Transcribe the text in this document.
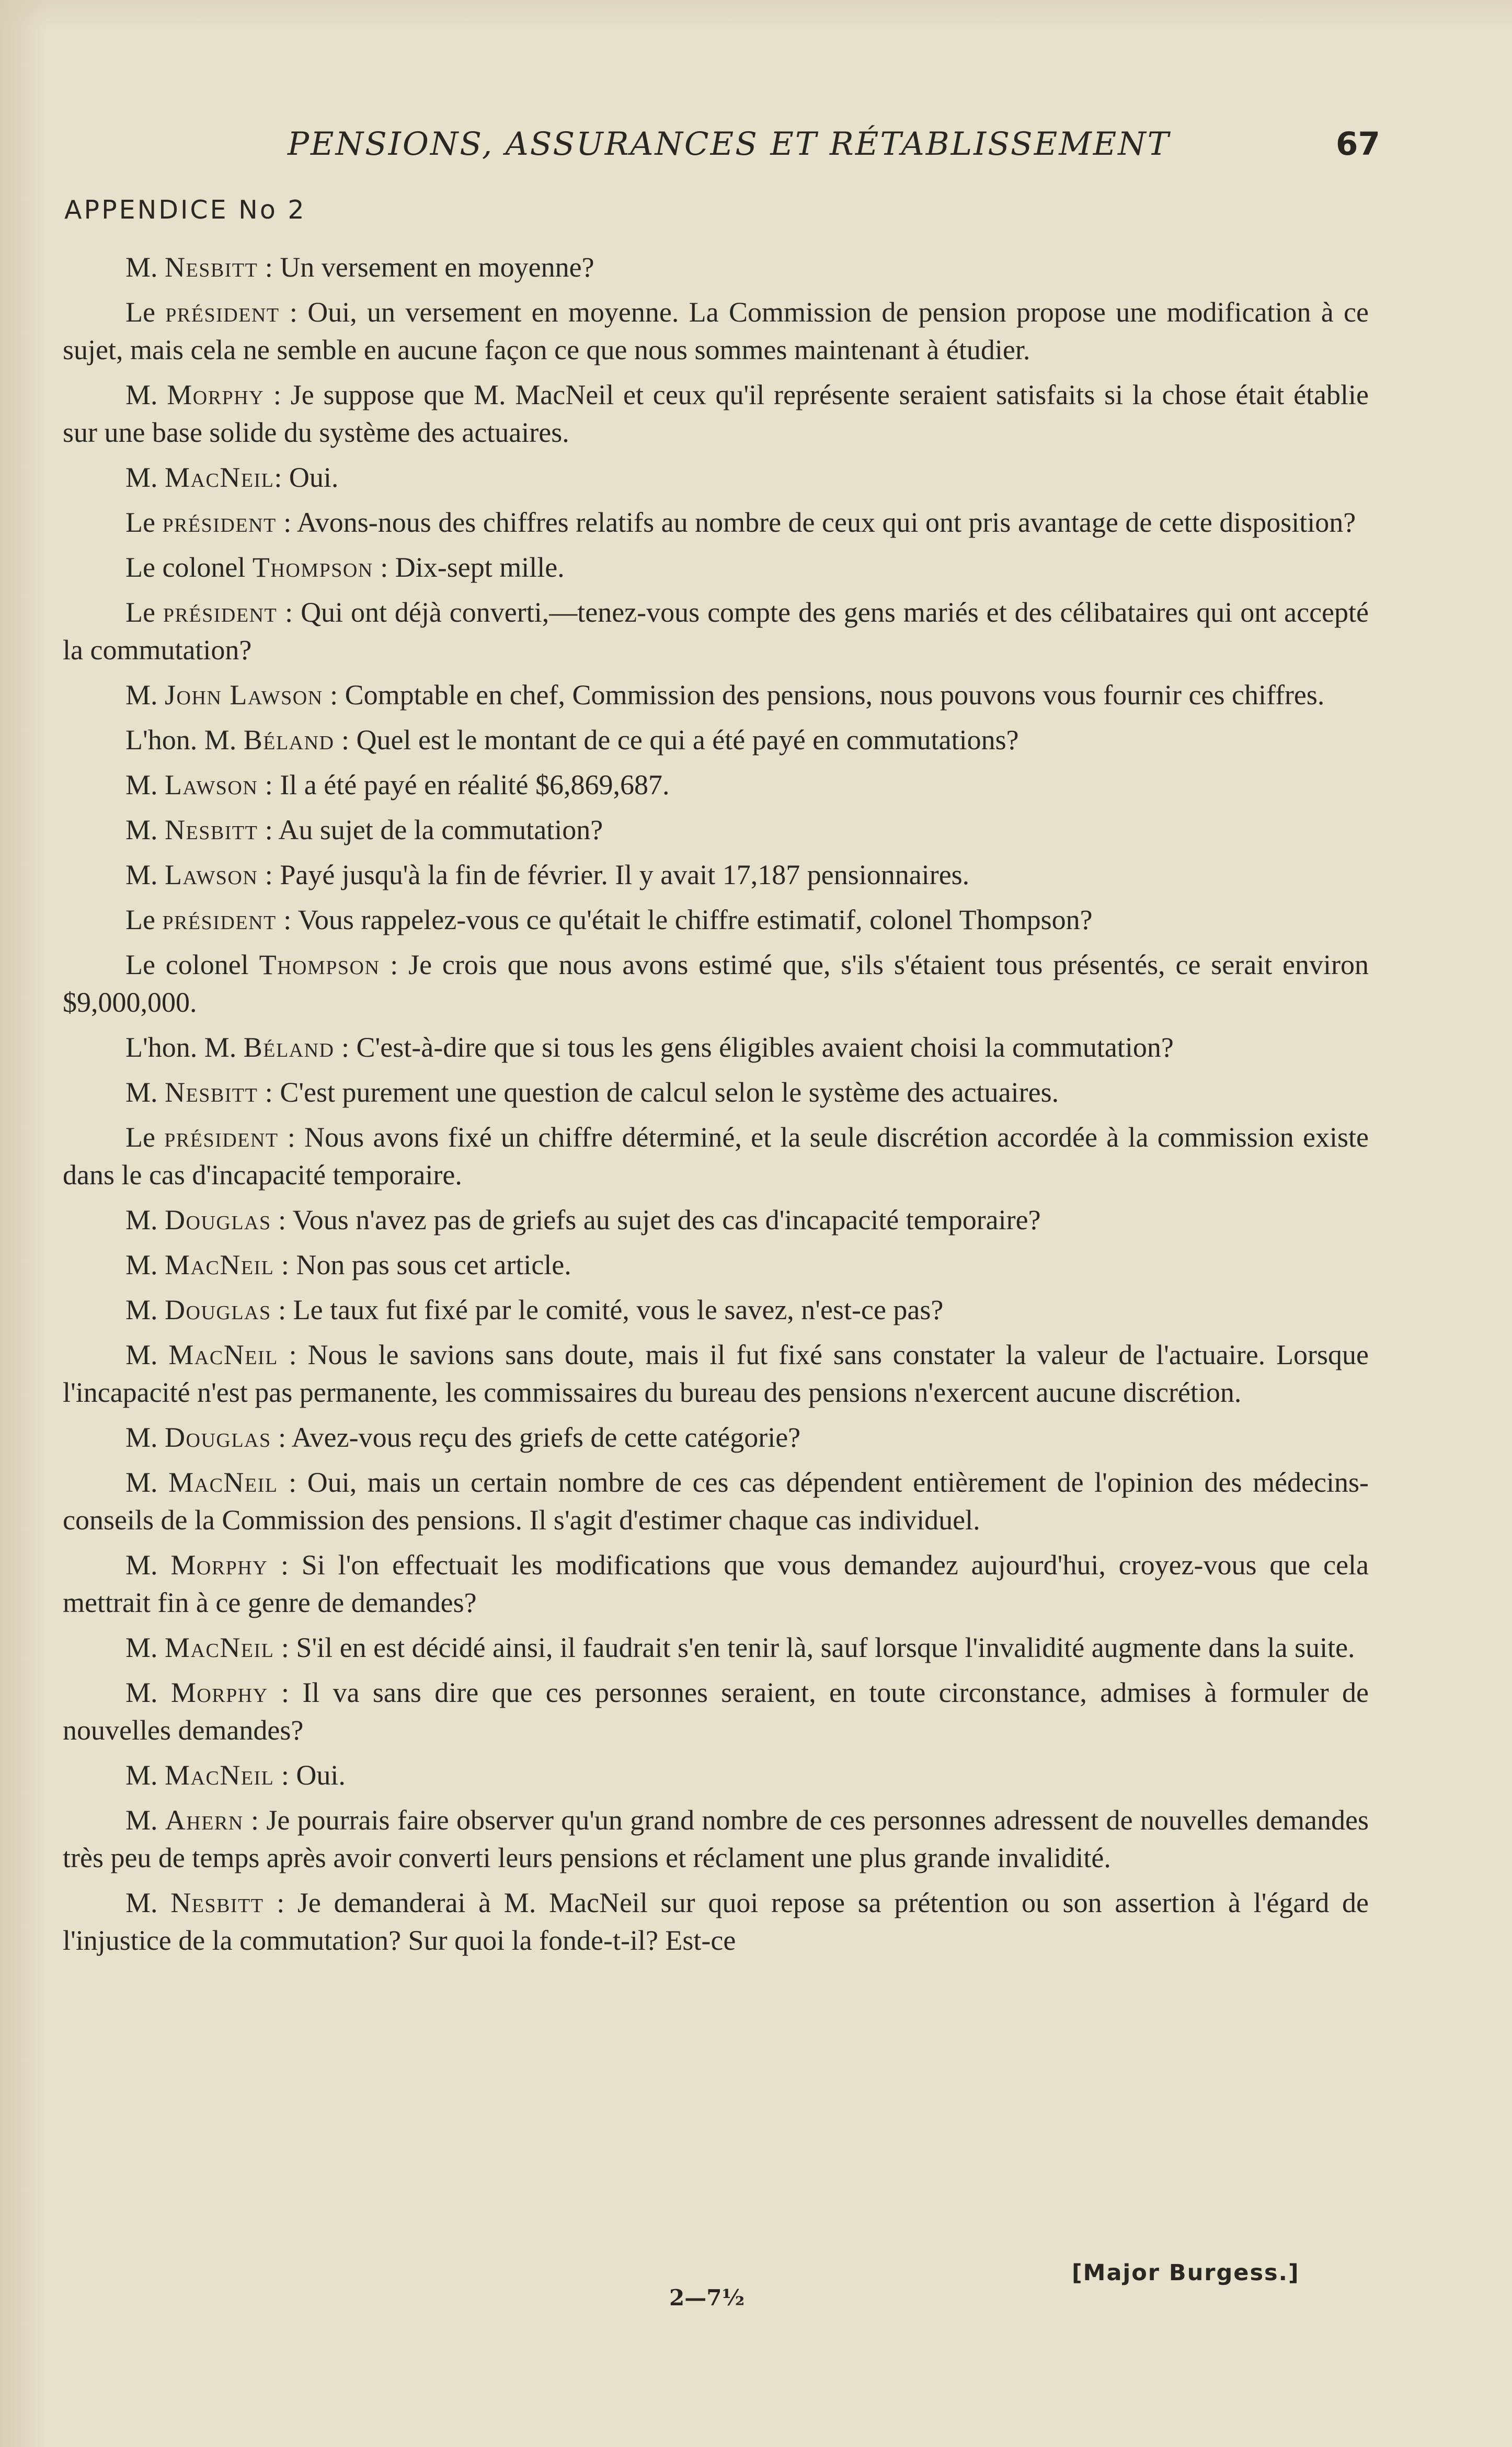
PENSIONS, ASSURANCES ET RÉTABLISSEMENT	67
APPENDICE No 2

M. Nesbitt : Un versement en moyenne?

Le président : Oui, un versement en moyenne. La Commission de pension propose une modification à ce sujet, mais cela ne semble en aucune façon ce que nous sommes maintenant à étudier.

M. Morphy : Je suppose que M. MacNeil et ceux qu'il représente seraient satisfaits si la chose était établie sur une base solide du système des actuaires.

M. MacNeil: Oui.

Le président : Avons-nous des chiffres relatifs au nombre de ceux qui ont pris avantage de cette disposition?

Le colonel Thompson : Dix-sept mille.

Le président : Qui ont déjà converti,—tenez-vous compte des gens mariés et des célibataires qui ont accepté la commutation?

M. John Lawson : Comptable en chef, Commission des pensions, nous pouvons vous fournir ces chiffres.

L'hon. M. Béland : Quel est le montant de ce qui a été payé en commutations?

M. Lawson : Il a été payé en réalité $6,869,687.

M. Nesbitt : Au sujet de la commutation?

M. Lawson : Payé jusqu'à la fin de février. Il y avait 17,187 pensionnaires.

Le président : Vous rappelez-vous ce qu'était le chiffre estimatif, colonel Thompson?

Le colonel Thompson : Je crois que nous avons estimé que, s'ils s'étaient tous présentés, ce serait environ $9,000,000.

L'hon. M. Béland : C'est-à-dire que si tous les gens éligibles avaient choisi la commutation?

M. Nesbitt : C'est purement une question de calcul selon le système des actuaires.

Le président : Nous avons fixé un chiffre déterminé, et la seule discrétion accordée à la commission existe dans le cas d'incapacité temporaire.

M. Douglas : Vous n'avez pas de griefs au sujet des cas d'incapacité temporaire?

M. MacNeil : Non pas sous cet article.

M. Douglas : Le taux fut fixé par le comité, vous le savez, n'est-ce pas?

M. MacNeil : Nous le savions sans doute, mais il fut fixé sans constater la valeur de l'actuaire. Lorsque l'incapacité n'est pas permanente, les commissaires du bureau des pensions n'exercent aucune discrétion.

M. Douglas : Avez-vous reçu des griefs de cette catégorie?

M. MacNeil : Oui, mais un certain nombre de ces cas dépendent entièrement de l'opinion des médecins-conseils de la Commission des pensions. Il s'agit d'estimer chaque cas individuel.

M. Morphy : Si l'on effectuait les modifications que vous demandez aujourd'hui, croyez-vous que cela mettrait fin à ce genre de demandes?

M. MacNeil : S'il en est décidé ainsi, il faudrait s'en tenir là, sauf lorsque l'invalidité augmente dans la suite.

M. Morphy : Il va sans dire que ces personnes seraient, en toute circonstance, admises à formuler de nouvelles demandes?

M. MacNeil : Oui.

M. Ahern : Je pourrais faire observer qu'un grand nombre de ces personnes adressent de nouvelles demandes très peu de temps après avoir converti leurs pensions et réclament une plus grande invalidité.

M. Nesbitt : Je demanderai à M. MacNeil sur quoi repose sa prétention ou son assertion à l'égard de l'injustice de la commutation? Sur quoi la fonde-t-il? Est-ce

[Major Burgess.]
2—7½
